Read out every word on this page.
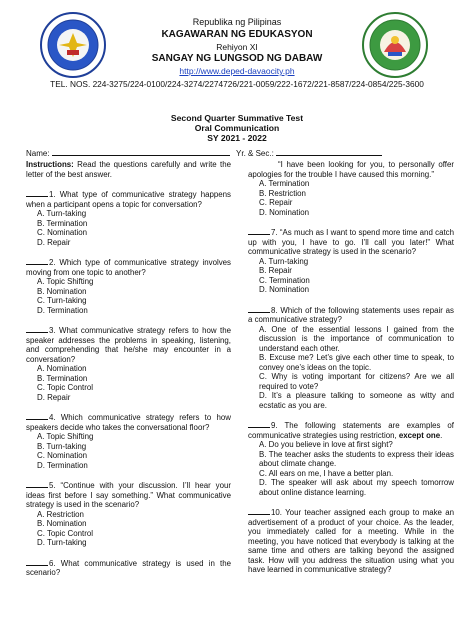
Republika ng Pilipinas
KAGAWARAN NG EDUKASYON
Rehiyon XI
SANGAY NG LUNGSOD NG DABAW
http://www.deped-davaocity.ph
TEL. NOS. 224-3275/224-0100/224-3274/2274726/221-0059/222-1672/221-8587/224-0854/225-3600
Second Quarter Summative Test
Oral Communication
SY 2021 - 2022
Name:	Yr. & Sec.:

Instructions: Read the questions carefully and write the letter of the best answer.

1. What type of communicative strategy happens when a participant opens a topic for conversation?

A. Turn-taking
B. Termination
C. Nomination
D. Repair

2. Which type of communicative strategy involves moving from one topic to another?

A. Topic Shifting
B. Nomination
C. Turn-taking
D. Termination

3. What communicative strategy refers to how the speaker addresses the problems in speaking, listening, and comprehending that he/she may encounter in a conversation?

A. Nomination
B. Termination
C. Topic Control
D. Repair

4. Which communicative strategy refers to how speakers decide who takes the conversational floor?

A. Topic Shifting
B. Turn-taking
C. Nomination
D. Termination

5. “Continue with your discussion. I’ll hear your ideas first before I say something.” What communicative strategy is used in the scenario?

A. Restriction
B. Nomination
C. Topic Control
D. Turn-taking

6. What communicative strategy is used in the scenario?

“I have been looking for you, to personally offer apologies for the trouble I have caused this morning.”

A. Termination
B. Restriction
C. Repair
D. Nomination

7. “As much as I want to spend more time and catch up with you, I have to go. I’ll call you later!” What communicative strategy is used in the scenario?

A. Turn-taking
B. Repair
C. Termination
D. Nomination

8. Which of the following statements uses repair as a communicative strategy?

A. One of the essential lessons I gained from the discussion is the importance of communication to understand each other.
B. Excuse me? Let’s give each other time to speak, to convey one’s ideas on the topic.
C. Why is voting important for citizens? Are we all required to vote?
D. It’s a pleasure talking to someone as witty and ecstatic as you are.

9. The following statements are examples of communicative strategies using restriction, except one.

A. Do you believe in love at first sight?
B. The teacher asks the students to express their ideas about climate change.
C. All ears on me, I have a better plan.
D. The speaker will ask about my speech tomorrow about online distance learning.

10. Your teacher assigned each group to make an advertisement of a product of your choice. As the leader, you immediately called for a meeting. While in the meeting, you have noticed that everybody is talking at the same time and others are talking beyond the assigned task. How will you address the situation using what you have learned in communicative strategy?
